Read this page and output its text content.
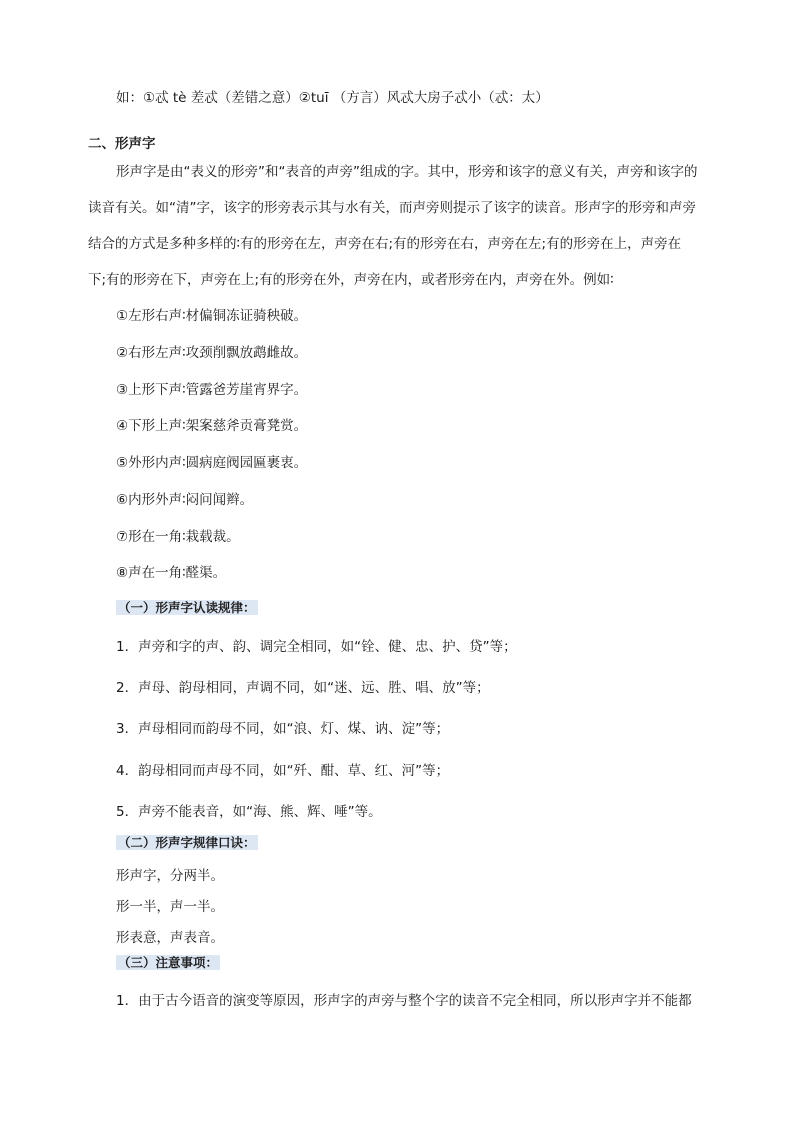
如：①忒 tè 差忒（差错之意）②tuī （方言）风忒大房子忒小（忒：太）
二、形声字
形声字是由“表义的形旁”和“表音的声旁”组成的字。其中，形旁和该字的意义有关，声旁和该字的
读音有关。如“清”字，该字的形旁表示其与水有关，而声旁则提示了该字的读音。形声字的形旁和声旁
结合的方式是多种多样的∶有的形旁在左，声旁在右;有的形旁在右，声旁在左;有的形旁在上，声旁在
下;有的形旁在下，声旁在上;有的形旁在外，声旁在内，或者形旁在内，声旁在外。例如∶
①左形右声∶材偏铜冻证骑秧破。
②右形左声∶攻颈削飘放鹉雌故。
③上形下声∶管露爸芳崖宵界字。
④下形上声∶架案慈斧贡膏凳赏。
⑤外形内声∶圆病庭阀园匾裹衷。
⑥内形外声∶闷问闻辫。
⑦形在一角∶栽载裁。
⑧声在一角∶醛渠。
（一）形声字认读规律：
1．声旁和字的声、韵、调完全相同，如“铨、健、忠、护、贷”等；
2．声母、韵母相同，声调不同，如“迷、远、胜、唱、放”等；
3．声母相同而韵母不同，如“浪、灯、煤、讷、淀”等；
4．韵母相同而声母不同，如“歼、酣、草、红、河”等；
5．声旁不能表音，如“海、熊、辉、唾”等。
（二）形声字规律口诀：
形声字，分两半。
形一半，声一半。
形表意，声表音。
（三）注意事项：
1．由于古今语音的演变等原因，形声字的声旁与整个字的读音不完全相同，所以形声字并不能都
